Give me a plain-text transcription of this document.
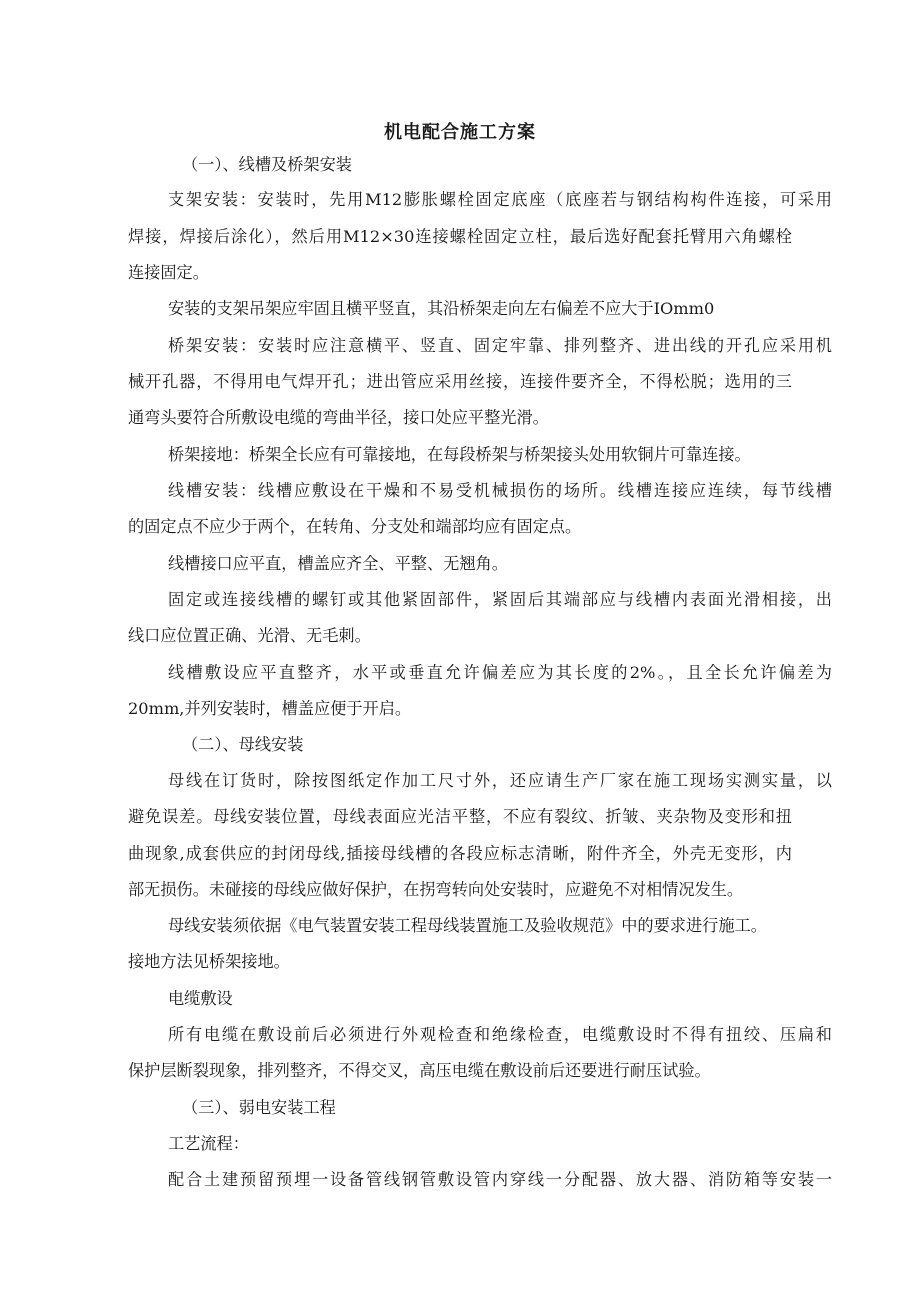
机电配合施工方案
（一）、线槽及桥架安装
支架安装：安装时，先用M12膨胀螺栓固定底座（底座若与钢结构构件连接，可采用
焊接，焊接后涂化），然后用M12×30连接螺栓固定立柱，最后选好配套托臂用六角螺栓
连接固定。
安装的支架吊架应牢固且横平竖直，其沿桥架走向左右偏差不应大于IOmm0
桥架安装：安装时应注意横平、竖直、固定牢靠、排列整齐、进出线的开孔应采用机
械开孔器，不得用电气焊开孔；进出管应采用丝接，连接件要齐全，不得松脱；选用的三
通弯头要符合所敷设电缆的弯曲半径，接口处应平整光滑。
桥架接地：桥架全长应有可靠接地，在每段桥架与桥架接头处用软铜片可靠连接。
线槽安装：线槽应敷设在干燥和不易受机械损伤的场所。线槽连接应连续，每节线槽
的固定点不应少于两个，在转角、分支处和端部均应有固定点。
线槽接口应平直，槽盖应齐全、平整、无翘角。
固定或连接线槽的螺钉或其他紧固部件，紧固后其端部应与线槽内表面光滑相接，出
线口应位置正确、光滑、无毛刺。
线槽敷设应平直整齐，水平或垂直允许偏差应为其长度的2%。，且全长允许偏差为
20mm,并列安装时，槽盖应便于开启。
（二）、母线安装
母线在订货时，除按图纸定作加工尺寸外，还应请生产厂家在施工现场实测实量，以
避免误差。母线安装位置，母线表面应光洁平整，不应有裂纹、折皱、夹杂物及变形和扭
曲现象,成套供应的封闭母线,插接母线槽的各段应标志清晰，附件齐全，外壳无变形，内
部无损伤。未碰接的母线应做好保护，在拐弯转向处安装时，应避免不对相情况发生。
母线安装须依据《电气装置安装工程母线装置施工及验收规范》中的要求进行施工。
接地方法见桥架接地。
电缆敷设
所有电缆在敷设前后必须进行外观检查和绝缘检查，电缆敷设时不得有扭绞、压扁和
保护层断裂现象，排列整齐，不得交叉，高压电缆在敷设前后还要进行耐压试验。
（三）、弱电安装工程
工艺流程：
配合土建预留预埋一设备管线钢管敷设管内穿线一分配器、放大器、消防箱等安装一
